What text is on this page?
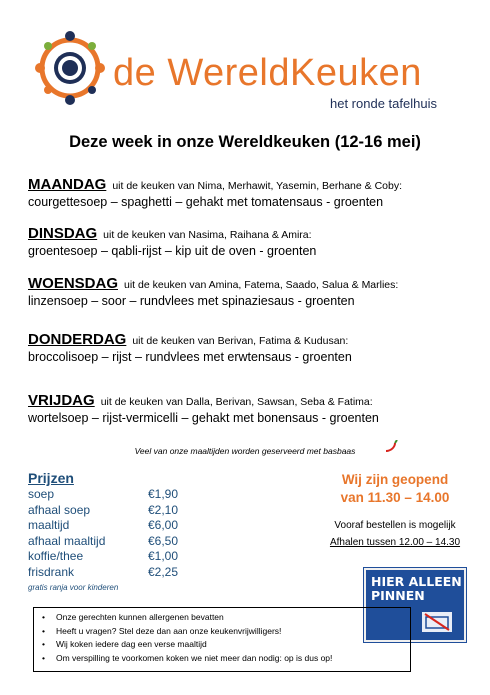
de WereldKeuken
het ronde tafelhuis
Deze week in onze Wereldkeuken (12-16 mei)
MAANDAG uit de keuken van Nima, Merhawit, Yasemin, Berhane & Coby:
courgettesoep – spaghetti – gehakt met tomatensaus - groenten
DINSDAG uit de keuken van Nasima, Raihana & Amira:
groentesoep – qabli-rijst – kip uit de oven - groenten
WOENSDAG uit de keuken van Amina, Fatema, Saado, Salua & Marlies:
linzensoep – soor – rundvlees met spinaziesaus - groenten
DONDERDAG uit de keuken van Berivan, Fatima & Kudusan:
broccolisoep – rijst – rundvlees met erwtensaus - groenten
VRIJDAG uit de keuken van Dalla, Berivan, Sawsan, Seba & Fatima:
wortelsoep – rijst-vermicelli – gehakt met bonensaus - groenten
Veel van onze maaltijden worden geserveerd met basbaas
Prijzen
soep	€1,90
afhaal soep	€2,10
maaltijd	€6,00
afhaal maaltijd	€6,50
koffie/thee	€1,00
frisdrank	€2,25
gratis ranja voor kinderen
Wij zijn geopend
van 11.30 – 14.00
Vooraf bestellen is mogelijk
Afhalen tussen 12.00 – 14.30
HIER ALLEEN
PINNEN
• Onze gerechten kunnen allergenen bevatten
• Heeft u vragen? Stel deze dan aan onze keukenvrijwilligers!
• Wij koken iedere dag een verse maaltijd
• Om verspilling te voorkomen koken we niet meer dan nodig: op is dus op!
